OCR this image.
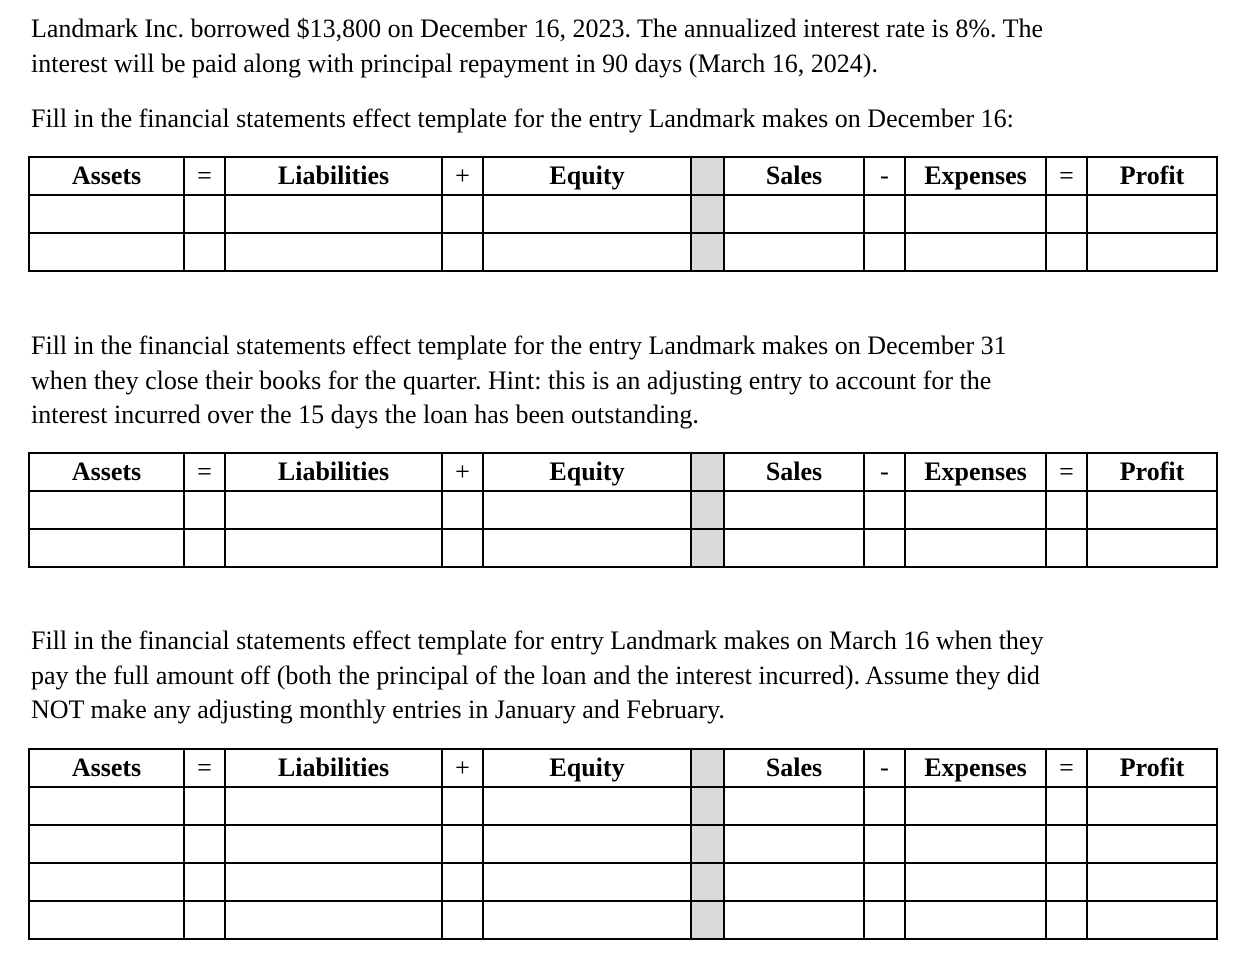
Landmark Inc. borrowed $13,800 on December 16, 2023. The annualized interest rate is 8%. The
interest will be paid along with principal repayment in 90 days (March 16, 2024).
Fill in the financial statements effect template for the entry Landmark makes on December 16:
Assets	=	Liabilities	+	Equity		Sales	-	Expenses	=	Profit

Fill in the financial statements effect template for the entry Landmark makes on December 31
when they close their books for the quarter. Hint: this is an adjusting entry to account for the
interest incurred over the 15 days the loan has been outstanding.
Assets	=	Liabilities	+	Equity		Sales	-	Expenses	=	Profit

Fill in the financial statements effect template for entry Landmark makes on March 16 when they
pay the full amount off (both the principal of the loan and the interest incurred). Assume they did
NOT make any adjusting monthly entries in January and February.
Assets	=	Liabilities	+	Equity		Sales	-	Expenses	=	Profit
